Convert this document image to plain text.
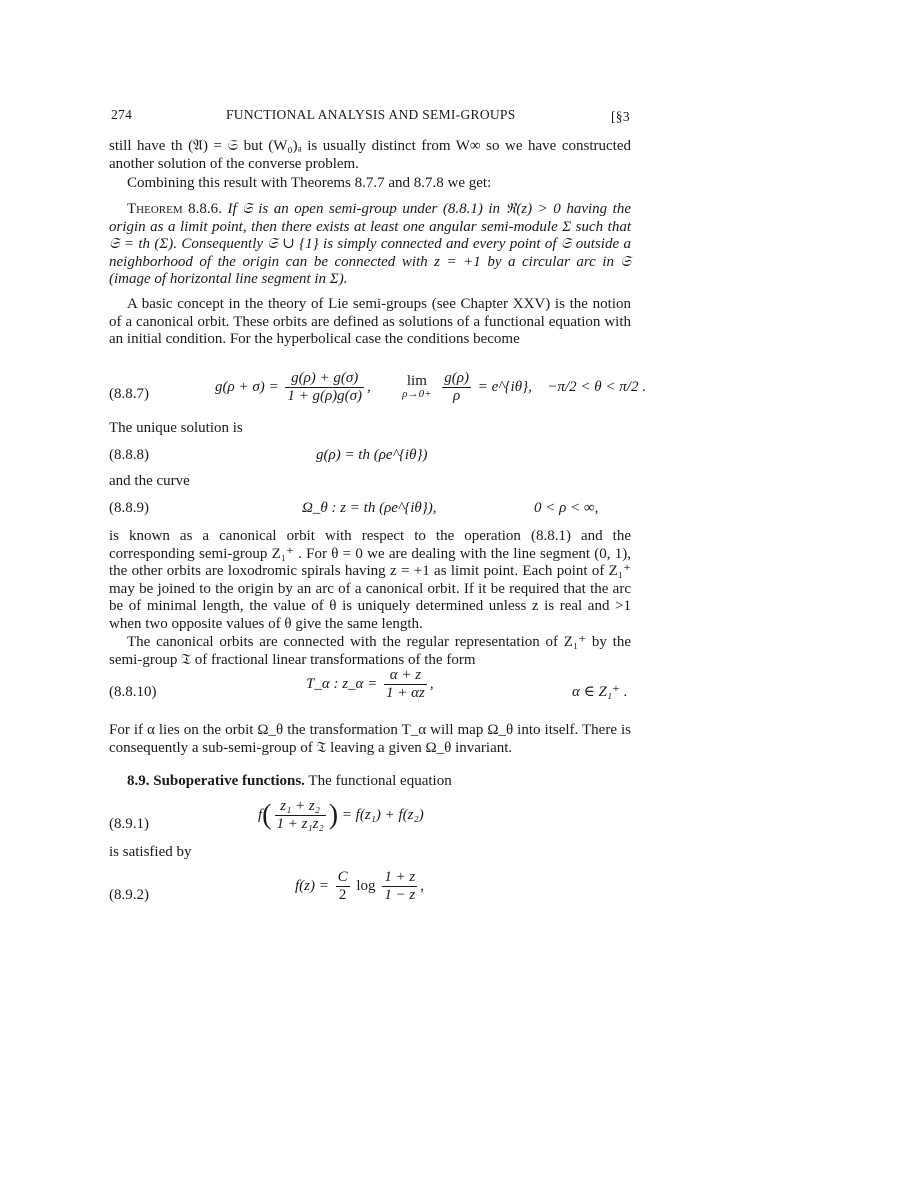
274	FUNCTIONAL ANALYSIS AND SEMI-GROUPS	[§3
still have th (𝔄) = 𝔖 but (W₀)ₐ is usually distinct from W∞ so we have constructed another solution of the converse problem.
Combining this result with Theorems 8.7.7 and 8.7.8 we get:
Theorem 8.8.6. If 𝔖 is an open semi-group under (8.8.1) in ℜ(z) > 0 having the origin as a limit point, then there exists at least one angular semi-module Σ such that 𝔖 = th (Σ). Consequently 𝔖 ∪ {1} is simply connected and every point of 𝔖 outside a neighborhood of the origin can be connected with z = +1 by a circular arc in 𝔖 (image of horizontal line segment in Σ).
A basic concept in the theory of Lie semi-groups (see Chapter XXV) is the notion of a canonical orbit. These orbits are defined as solutions of a functional equation with an initial condition. For the hyperbolical case the conditions become
(8.8.7)	$g(\rho + \sigma) = \frac{g(\rho) + g(\sigma)}{1 + g(\rho)g(\sigma)}$ ,	lim
ρ→0+
$\frac{g(\rho)}{\rho}$ = e^{iθ}, −π/2 < θ < π/2 .
The unique solution is
(8.8.8)	g(ρ) = th (ρe^{iθ})
and the curve
(8.8.9)	Ω_θ : z = th (ρe^{iθ}),	0 < ρ < ∞,
is known as a canonical orbit with respect to the operation (8.8.1) and the corresponding semi-group Z₁⁺ . For θ = 0 we are dealing with the line segment (0, 1), the other orbits are loxodromic spirals having z = +1 as limit point. Each point of Z₁⁺ may be joined to the origin by an arc of a canonical orbit. If it be required that the arc be of minimal length, the value of θ is uniquely determined unless z is real and >1 when two opposite values of θ give the same length.
The canonical orbits are connected with the regular representation of Z₁⁺ by the semi-group 𝔗 of fractional linear transformations of the form
(8.8.10)
T_α : z_α = $\frac{\alpha + z}{1 + \alpha z}$ ,
α ∈ Z₁⁺ .
For if α lies on the orbit Ω_θ the transformation T_α will map Ω_θ into itself. There is consequently a sub-semi-group of 𝔗 leaving a given Ω_θ invariant.
8.9. Suboperative functions. The functional equation
(8.9.1)
$f( \frac{\text{z₁ + z₂}}{\text{1 + z₁z₂}}$ ) = f(z₁) + f(z₂)
is satisfied by
(8.9.2)
$f(z) = \frac{C}{2}$ $\log \frac{1 + z}{1 - z}$ ,
